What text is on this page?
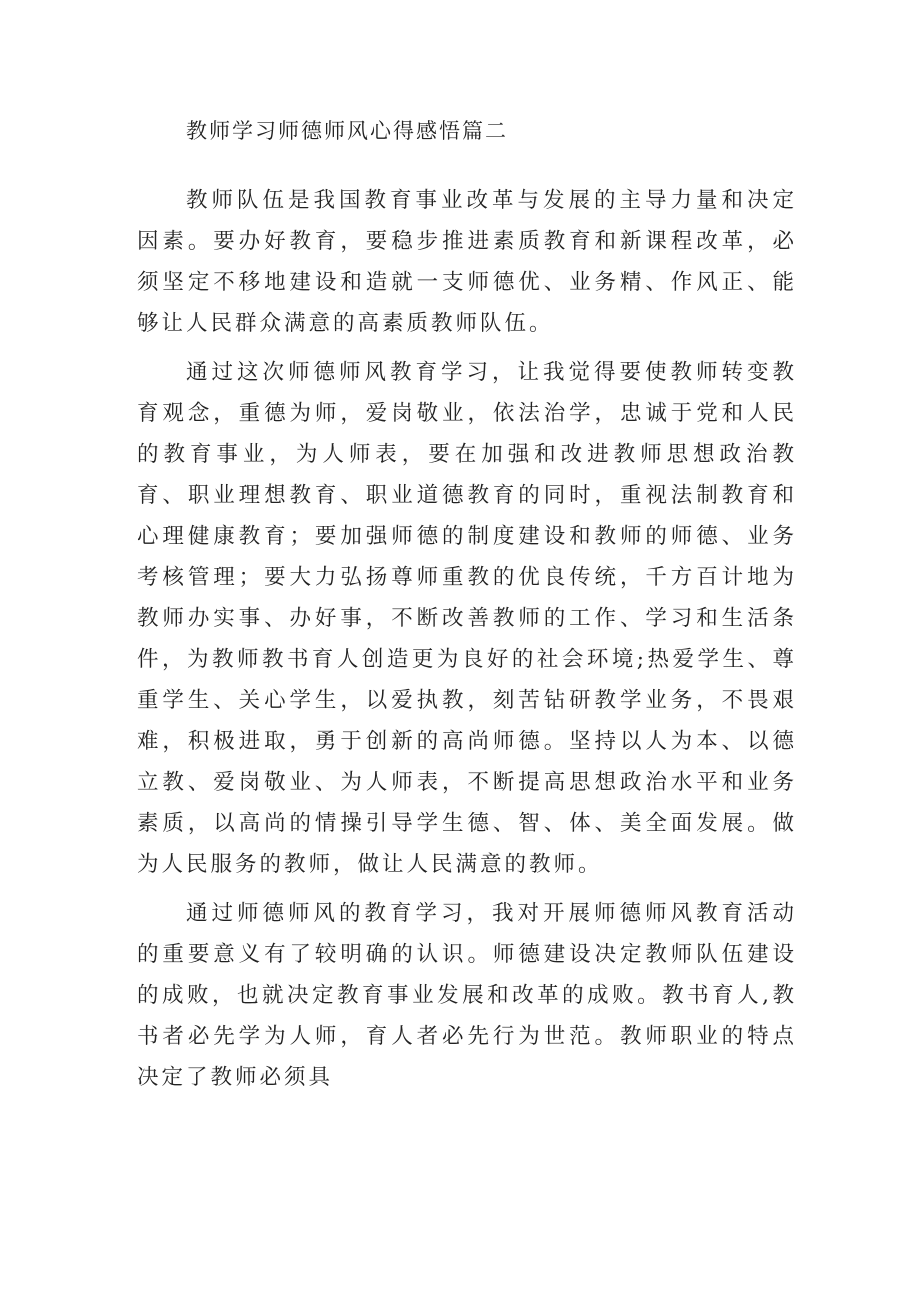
教师学习师德师风心得感悟篇二

教师队伍是我国教育事业改革与发展的主导力量和决定因素。要办好教育，要稳步推进素质教育和新课程改革，必须坚定不移地建设和造就一支师德优、业务精、作风正、能够让人民群众满意的高素质教师队伍。

通过这次师德师风教育学习，让我觉得要使教师转变教育观念，重德为师，爱岗敬业，依法治学，忠诚于党和人民的教育事业，为人师表，要在加强和改进教师思想政治教育、职业理想教育、职业道德教育的同时，重视法制教育和心理健康教育；要加强师德的制度建设和教师的师德、业务考核管理；要大力弘扬尊师重教的优良传统，千方百计地为教师办实事、办好事，不断改善教师的工作、学习和生活条件，为教师教书育人创造更为良好的社会环境;热爱学生、尊重学生、关心学生，以爱执教，刻苦钻研教学业务，不畏艰难，积极进取，勇于创新的高尚师德。坚持以人为本、以德立教、爱岗敬业、为人师表，不断提高思想政治水平和业务素质，以高尚的情操引导学生德、智、体、美全面发展。做为人民服务的教师，做让人民满意的教师。

通过师德师风的教育学习，我对开展师德师风教育活动的重要意义有了较明确的认识。师德建设决定教师队伍建设的成败，也就决定教育事业发展和改革的成败。教书育人,教书者必先学为人师，育人者必先行为世范。教师职业的特点决定了教师必须具
